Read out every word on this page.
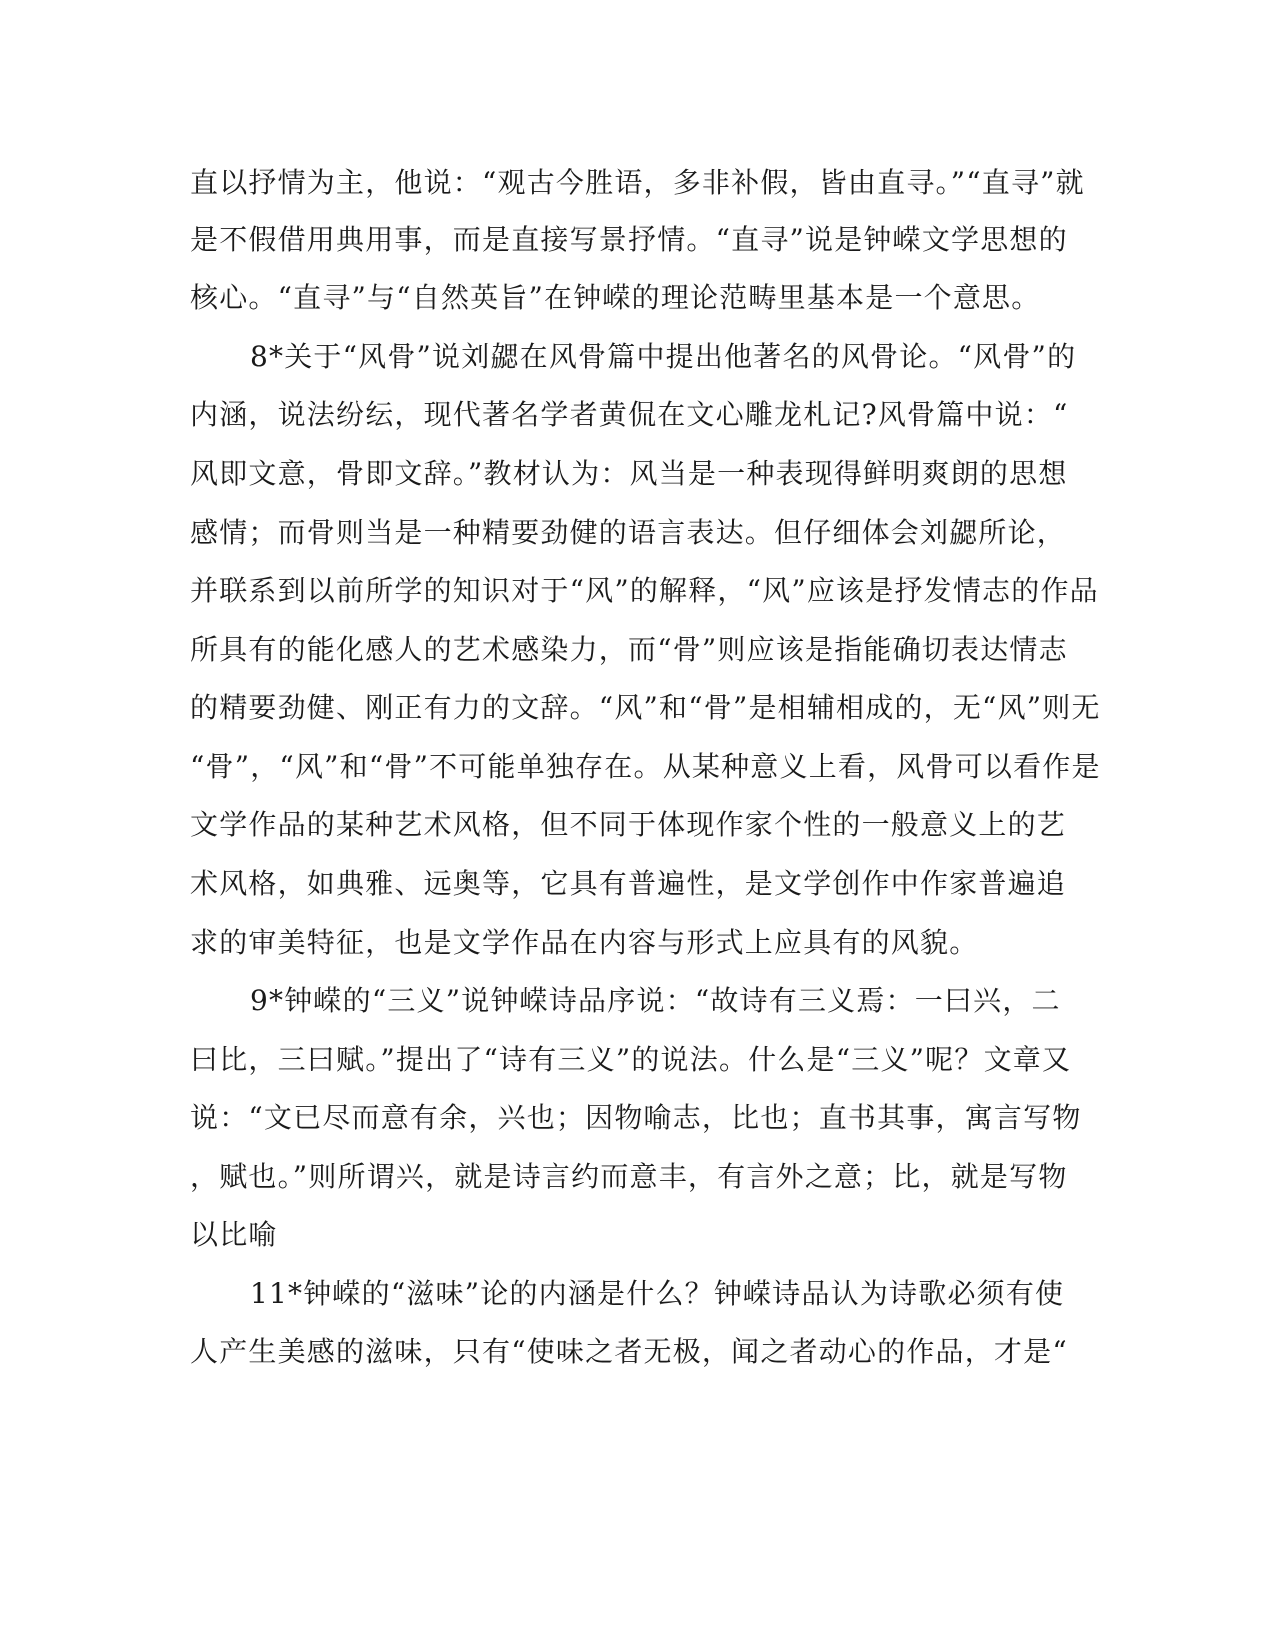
直以抒情为主，他说：“观古今胜语，多非补假，皆由直寻。”“直寻”就
是不假借用典用事，而是直接写景抒情。“直寻”说是钟嵘文学思想的
核心。“直寻”与“自然英旨”在钟嵘的理论范畴里基本是一个意思。
8*关于“风骨”说刘勰在风骨篇中提出他著名的风骨论。“风骨”的
内涵，说法纷纭，现代著名学者黄侃在文心雕龙札记?风骨篇中说：“
风即文意，骨即文辞。”教材认为：风当是一种表现得鲜明爽朗的思想
感情；而骨则当是一种精要劲健的语言表达。但仔细体会刘勰所论，
并联系到以前所学的知识对于“风”的解释，“风”应该是抒发情志的作品
所具有的能化感人的艺术感染力，而“骨”则应该是指能确切表达情志
的精要劲健、刚正有力的文辞。“风”和“骨”是相辅相成的，无“风”则无
“骨”，“风”和“骨”不可能单独存在。从某种意义上看，风骨可以看作是
文学作品的某种艺术风格，但不同于体现作家个性的一般意义上的艺
术风格，如典雅、远奥等，它具有普遍性，是文学创作中作家普遍追
求的审美特征，也是文学作品在内容与形式上应具有的风貌。
9*钟嵘的“三义”说钟嵘诗品序说：“故诗有三义焉：一曰兴，二
曰比，三曰赋。”提出了“诗有三义”的说法。什么是“三义”呢？文章又
说：“文已尽而意有余，兴也；因物喻志，比也；直书其事，寓言写物
，赋也。”则所谓兴，就是诗言约而意丰，有言外之意；比，就是写物
以比喻
11*钟嵘的“滋味”论的内涵是什么？钟嵘诗品认为诗歌必须有使
人产生美感的滋味，只有“使味之者无极，闻之者动心的作品，才是“
